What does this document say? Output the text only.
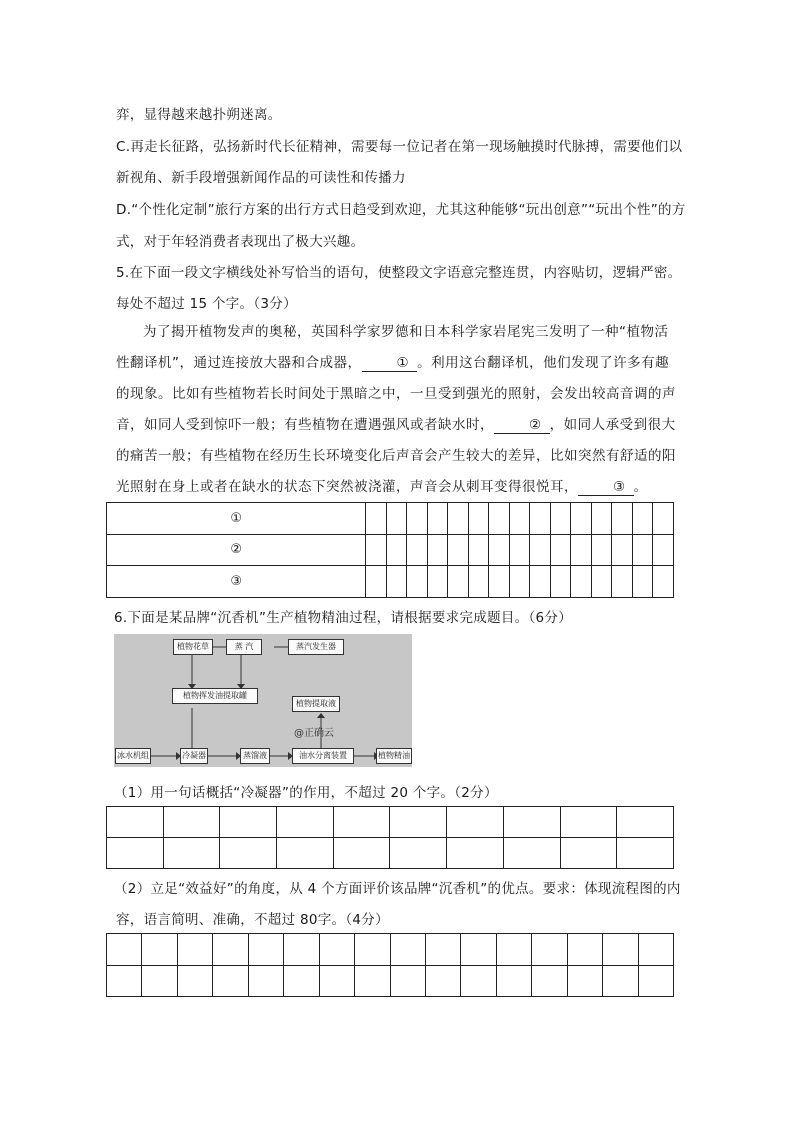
弈，显得越来越扑朔迷离。
C.再走长征路，弘扬新时代长征精神，需要每一位记者在第一现场触摸时代脉搏，需要他们以
新视角、新手段增强新闻作品的可读性和传播力
D.“个性化定制”旅行方案的出行方式日趋受到欢迎，尤其这种能够“玩出创意”“玩出个性”的方
式，对于年轻消费者表现出了极大兴趣。
5.在下面一段文字横线处补写恰当的语句，使整段文字语意完整连贯，内容贴切，逻辑严密。
每处不超过 15 个字。（3分）
为了揭开植物发声的奥秘，英国科学家罗德和日本科学家岩尾宪三发明了一种“植物活性翻译机”，通过连接放大器和合成器，	① 。利用这台翻译机，他们发现了许多有趣的现象。比如有些植物若长时间处于黑暗之中，一旦受到强光的照射，会发出较高音调的声音，如同人受到惊吓一般；有些植物在遭遇强风或者缺水时，	② ，如同人承受到很大的痛苦一般；有些植物在经历生长环境变化后声音会产生较大的差异，比如突然有舒适的阳光照射在身上或者在缺水的状态下突然被浇灌，声音会从刺耳变得很悦耳，	③ 。
①															
②															
③															
6.下面是某品牌“沉香机”生产植物精油过程，请根据要求完成题目。（6分）
植物花草	蒸 汽	蒸汽发生器
植物挥发油提取罐
植物提取液
@正确云
冰水机组	冷凝器	蒸馏液	油水分离装置	植物精油
（1）用一句话概括“冷凝器”的作用，不超过 20 个字。（2分）

（2）立足“效益好”的角度，从 4 个方面评价该品牌“沉香机”的优点。要求：体现流程图的内
容，语言简明、准确，不超过 80字。（4分）
